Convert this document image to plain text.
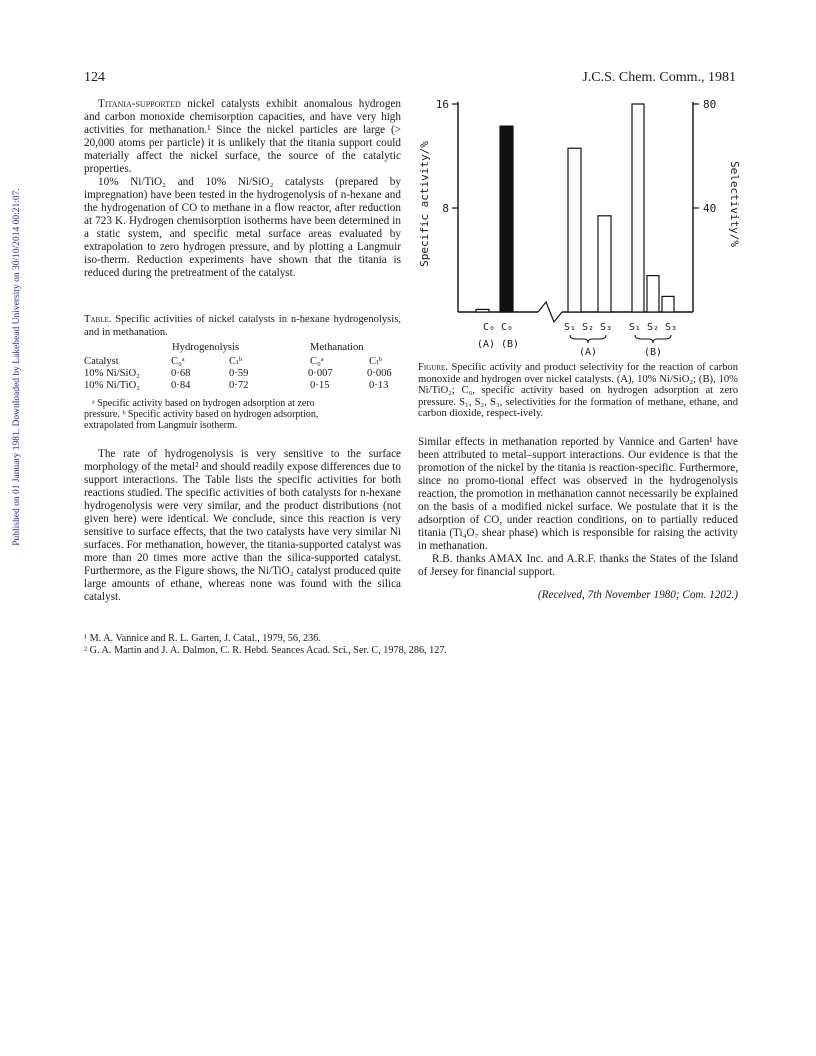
Published on 01 January 1981. Downloaded by Lakehead University on 30/10/2014 00:21:07.
124	J.C.S. Chem. Comm., 1981

Titania-supported nickel catalysts exhibit anomalous hydrogen and carbon monoxide chemisorption capacities, and have very high activities for methanation.¹ Since the nickel particles are large (> 20,000 atoms per particle) it is unlikely that the titania support could materially affect the nickel surface, the source of the catalytic properties.

10% Ni/TiO₂ and 10% Ni/SiO₂ catalysts (prepared by impregnation) have been tested in the hydrogenolysis of n-hexane and the hydrogenation of CO to methane in a flow reactor, after reduction at 723 K. Hydrogen chemisorption isotherms have been determined in a static system, and specific metal surface areas evaluated by extrapolation to zero hydrogen pressure, and by plotting a Langmuir iso-therm. Reduction experiments have shown that the titania is reduced during the pretreatment of the catalyst.

Table. Specific activities of nickel catalysts in n-hexane hydrogenolysis, and in methanation.
Hydrogenolysis	Methanation
Catalyst	C₀ᵃ	Cₗᵇ	C₀ᵃ	Cₗᵇ
10% Ni/SiO₂	0·68	0·59	0·007	0·006
10% Ni/TiO₂	0·84	0·72	0·15	0·13
ᵃ Specific activity based on hydrogen adsorption at zero
pressure. ᵇ Specific activity based on hydrogen adsorption,
extrapolated from Langmuir isotherm.

The rate of hydrogenolysis is very sensitive to the surface morphology of the metal² and should readily expose differences due to support interactions. The Table lists the specific activities for both reactions studied. The specific activities of both catalysts for n-hexane hydrogenolysis were very similar, and the product distributions (not given here) were identical. We conclude, since this reaction is very sensitive to surface effects, that the two catalysts have very similar Ni surfaces. For methanation, however, the titania-supported catalyst was more than 20 times more active than the silica-supported catalyst. Furthermore, as the Figure shows, the Ni/TiO₂ catalyst produced quite large amounts of ethane, whereas none was found with the silica catalyst.

16
8
80
40
Specific activity/%	Selectivity/%
C₀ C₀
(A) (B)
S₁ S₂ S₃
(A)
S₁ S₂ S₃
(B)
Figure. Specific activity and product selectivity for the reaction of carbon monoxide and hydrogen over nickel catalysts. (A), 10% Ni/SiO₂; (B), 10% Ni/TiO₂; C₀, specific activity based on hydrogen adsorption at zero pressure. S₁, S₂, S₃, selectivities for the formation of methane, ethane, and carbon dioxide, respect-ively.

Similar effects in methanation reported by Vannice and Garten¹ have been attributed to metal–support interactions. Our evidence is that the promotion of the nickel by the titania is reaction-specific. Furthermore, since no promo-tional effect was observed in the hydrogenolysis reaction, the promotion in methanation cannot necessarily be explained on the basis of a modified nickel surface. We postulate that it is the adsorption of CO, under reaction conditions, on to partially reduced titania (Ti₄O₇ shear phase) which is responsible for raising the activity in methanation.

R.B. thanks AMAX Inc. and A.R.F. thanks the States of the Island of Jersey for financial support.

(Received, 7th November 1980; Com. 1202.)

¹ M. A. Vannice and R. L. Garten, J. Catal., 1979, 56, 236.
² G. A. Martin and J. A. Dalmon, C. R. Hebd. Seances Acad. Sci., Ser. C, 1978, 286, 127.
